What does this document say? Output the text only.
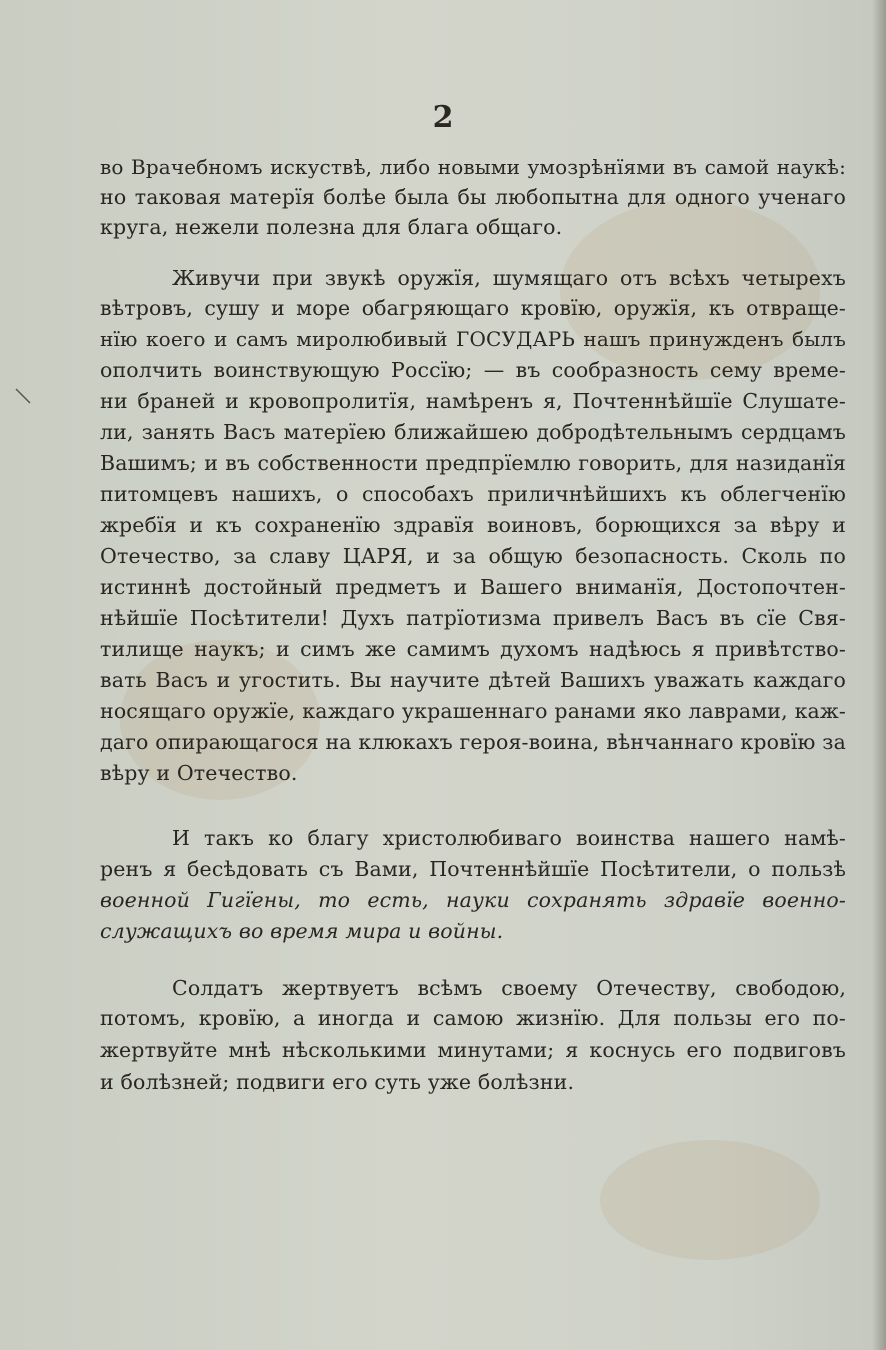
2
во Врачебномъ искуствѣ, либо новыми умозрѣнїями въ самой наукѣ:
но таковая матерїя болѣе была бы любопытна для одного ученаго
круга, нежели полезна для блага общаго.
Живучи при звукѣ оружїя, шумящаго отъ всѣхъ четырехъ
вѣтровъ, сушу и море обагряющаго кровїю, оружїя, къ отвраще-
нїю коего и самъ миролюбивый ГОСУДАРЬ нашъ принужденъ былъ
ополчить воинствующую Россїю; — въ сообразность сему време-
ни браней и кровопролитїя, намѣренъ я, Почтеннѣйшїе Слушате-
ли, занять Васъ матерїею ближайшею добродѣтельнымъ сердцамъ
Вашимъ; и въ собственности предпрїемлю говорить, для назиданїя
питомцевъ нашихъ, о способахъ приличнѣйшихъ къ облегченїю
жребїя и къ сохраненїю здравїя воиновъ, борющихся за вѣру и
Отечество, за славу ЦАРЯ, и за общую безопасность. Сколь по
истиннѣ достойный предметъ и Вашего вниманїя, Достопочтен-
нѣйшїе Посѣтители! Духъ патрїотизма привелъ Васъ въ сїе Свя-
тилище наукъ; и симъ же самимъ духомъ надѣюсь я привѣтство-
вать Васъ и угостить. Вы научите дѣтей Вашихъ уважать каждаго
носящаго оружїе, каждаго украшеннаго ранами яко лаврами, каж-
даго опирающагося на клюкахъ героя-воина, вѣнчаннаго кровїю за
вѣру и Отечество.
И такъ ко благу христолюбиваго воинства нашего намѣ-
ренъ я бесѣдовать съ Вами, Почтеннѣйшїе Посѣтители, о пользѣ
военной Гигїены, то есть, науки сохранять здравїе военно-
служащихъ во время мира и войны.
Солдатъ жертвуетъ всѣмъ своему Отечеству, свободою,
потомъ, кровїю, а иногда и самою жизнїю. Для пользы его по-
жертвуйте мнѣ нѣсколькими минутами; я коснусь его подвиговъ
и болѣзней; подвиги его суть уже болѣзни.
